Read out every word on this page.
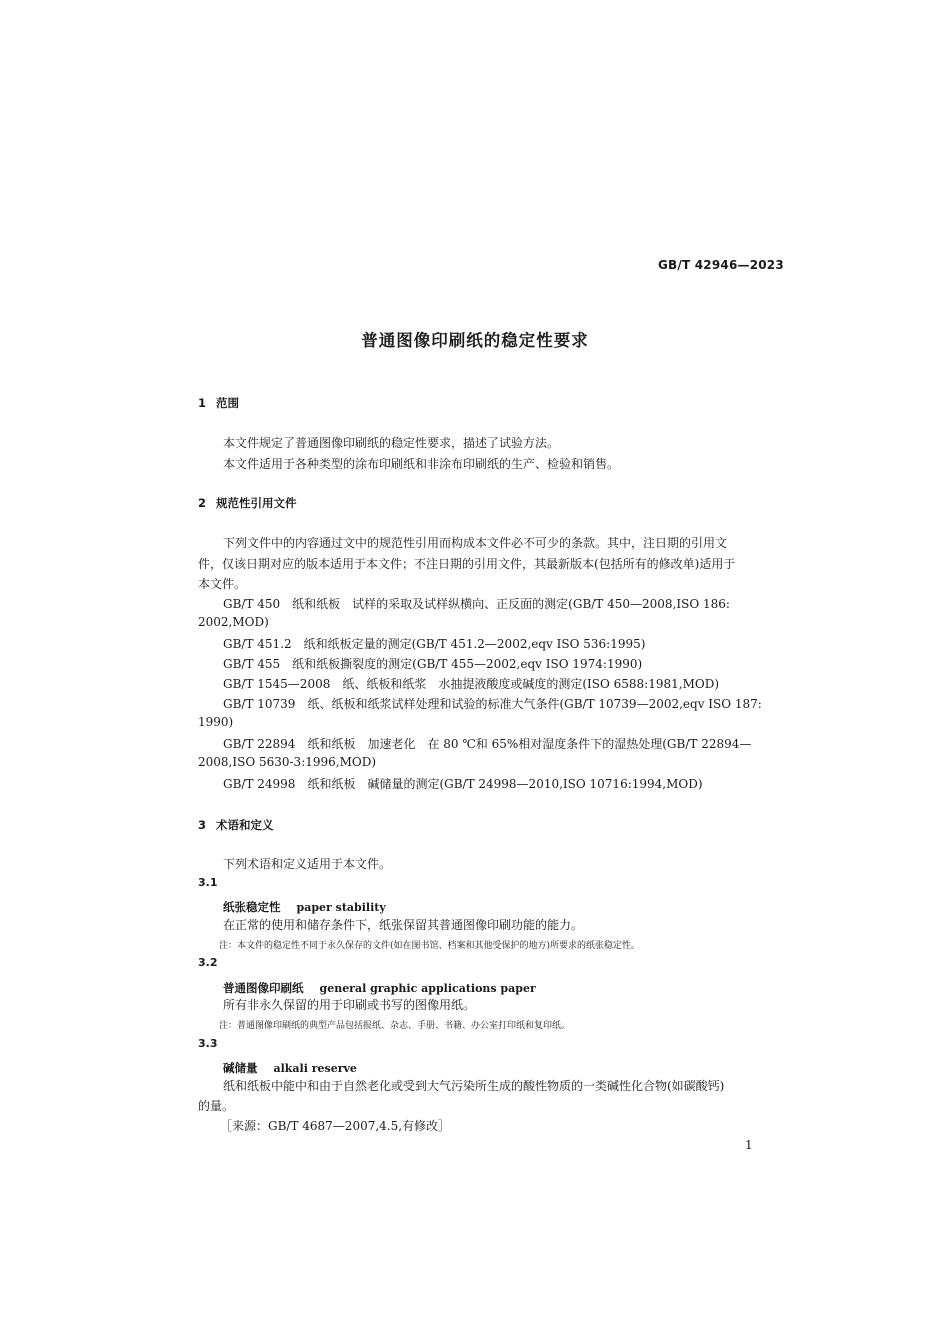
GB/T 42946—2023
普通图像印刷纸的稳定性要求
1 范围
本文件规定了普通图像印刷纸的稳定性要求，描述了试验方法。
本文件适用于各种类型的涂布印刷纸和非涂布印刷纸的生产、检验和销售。
2 规范性引用文件
下列文件中的内容通过文中的规范性引用而构成本文件必不可少的条款。其中，注日期的引用文
件，仅该日期对应的版本适用于本文件；不注日期的引用文件，其最新版本(包括所有的修改单)适用于
本文件。
GB/T 450　纸和纸板　试样的采取及试样纵横向、正反面的测定(GB/T 450—2008,ISO 186:
2002,MOD)
GB/T 451.2　纸和纸板定量的测定(GB/T 451.2—2002,eqv ISO 536:1995)
GB/T 455　纸和纸板撕裂度的测定(GB/T 455—2002,eqv ISO 1974:1990)
GB/T 1545—2008　纸、纸板和纸浆　水抽提液酸度或碱度的测定(ISO 6588:1981,MOD)
GB/T 10739　纸、纸板和纸浆试样处理和试验的标准大气条件(GB/T 10739—2002,eqv ISO 187:
1990)
GB/T 22894　纸和纸板　加速老化　在 80 ℃和 65%相对湿度条件下的湿热处理(GB/T 22894—
2008,ISO 5630-3:1996,MOD)
GB/T 24998　纸和纸板　碱储量的测定(GB/T 24998—2010,ISO 10716:1994,MOD)
3 术语和定义
下列术语和定义适用于本文件。
3.1
纸张稳定性 paper stability
在正常的使用和储存条件下，纸张保留其普通图像印刷功能的能力。
注：本文件的稳定性不同于永久保存的文件(如在图书馆、档案和其他受保护的地方)所要求的纸张稳定性。
3.2
普通图像印刷纸 general graphic applications paper
所有非永久保留的用于印刷或书写的图像用纸。
注：普通图像印刷纸的典型产品包括报纸、杂志、手册、书籍、办公室打印纸和复印纸。
3.3
碱储量 alkali reserve
纸和纸板中能中和由于自然老化或受到大气污染所生成的酸性物质的一类碱性化合物(如碳酸钙)
的量。
［来源：GB/T 4687—2007,4.5,有修改］
1
